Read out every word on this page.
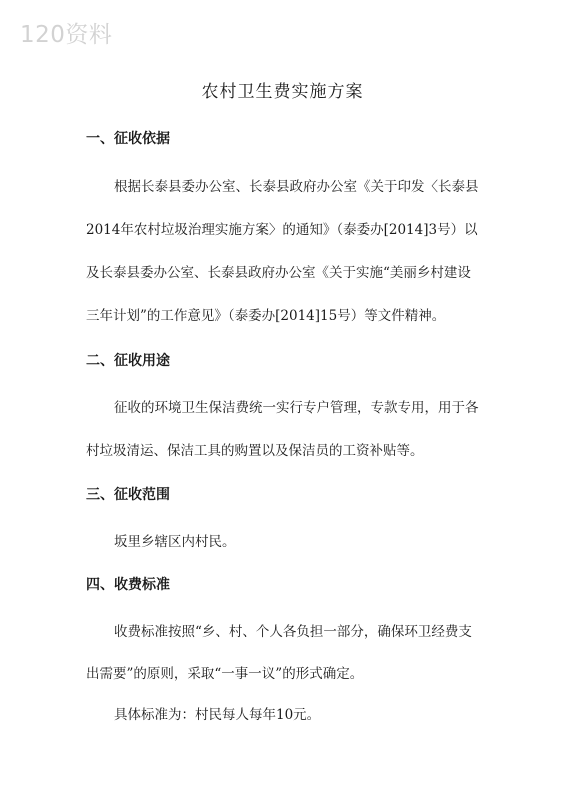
120资料
农村卫生费实施方案
一、征收依据
根据长泰县委办公室、长泰县政府办公室《关于印发〈长泰县
2014年农村垃圾治理实施方案〉的通知》（泰委办[2014]3号）以
及长泰县委办公室、长泰县政府办公室《关于实施“美丽乡村建设
三年计划”的工作意见》（泰委办[2014]15号）等文件精神。
二、征收用途
征收的环境卫生保洁费统一实行专户管理，专款专用，用于各
村垃圾清运、保洁工具的购置以及保洁员的工资补贴等。
三、征收范围
坂里乡辖区内村民。
四、收费标准
收费标准按照“乡、村、个人各负担一部分，确保环卫经费支
出需要”的原则，采取“一事一议”的形式确定。
具体标准为：村民每人每年10元。
